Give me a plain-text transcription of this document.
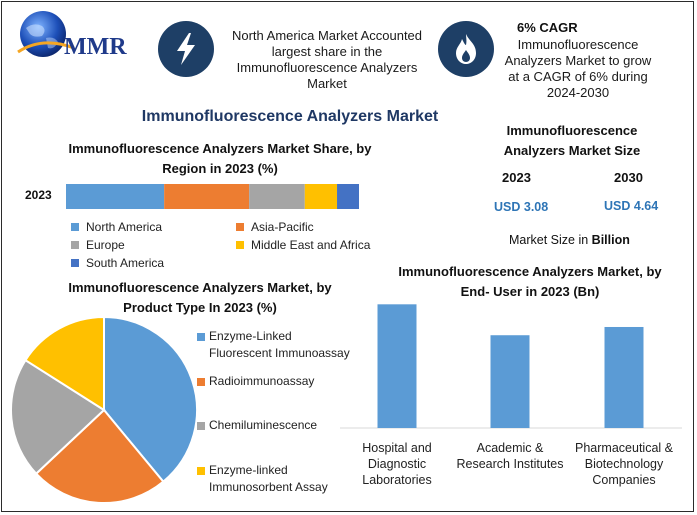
MMR	North America Market Accounted largest share in the Immunofluorescence Analyzers Market
6% CAGR
Immunofluorescence Analyzers Market to grow at a CAGR of 6% during 2024-2030
Immunofluorescence Analyzers Market
Immunofluorescence Analyzers Market Size
2023	2030
USD 3.08	USD 4.64
Market Size in Billion
Immunofluorescence Analyzers Market Share, by Region in 2023 (%)
2023
North America	Asia-Pacific
Europe	Middle East and Africa
South America
Immunofluorescence Analyzers Market, by Product Type In 2023 (%)
Enzyme-Linked Fluorescent Immunoassay
Radioimmunoassay
Chemiluminescence
Enzyme-linked Immunosorbent Assay
Immunofluorescence Analyzers Market, by End- User in 2023 (Bn)
Hospital and Diagnostic Laboratories
Academic & Research Institutes
Pharmaceutical & Biotechnology Companies
